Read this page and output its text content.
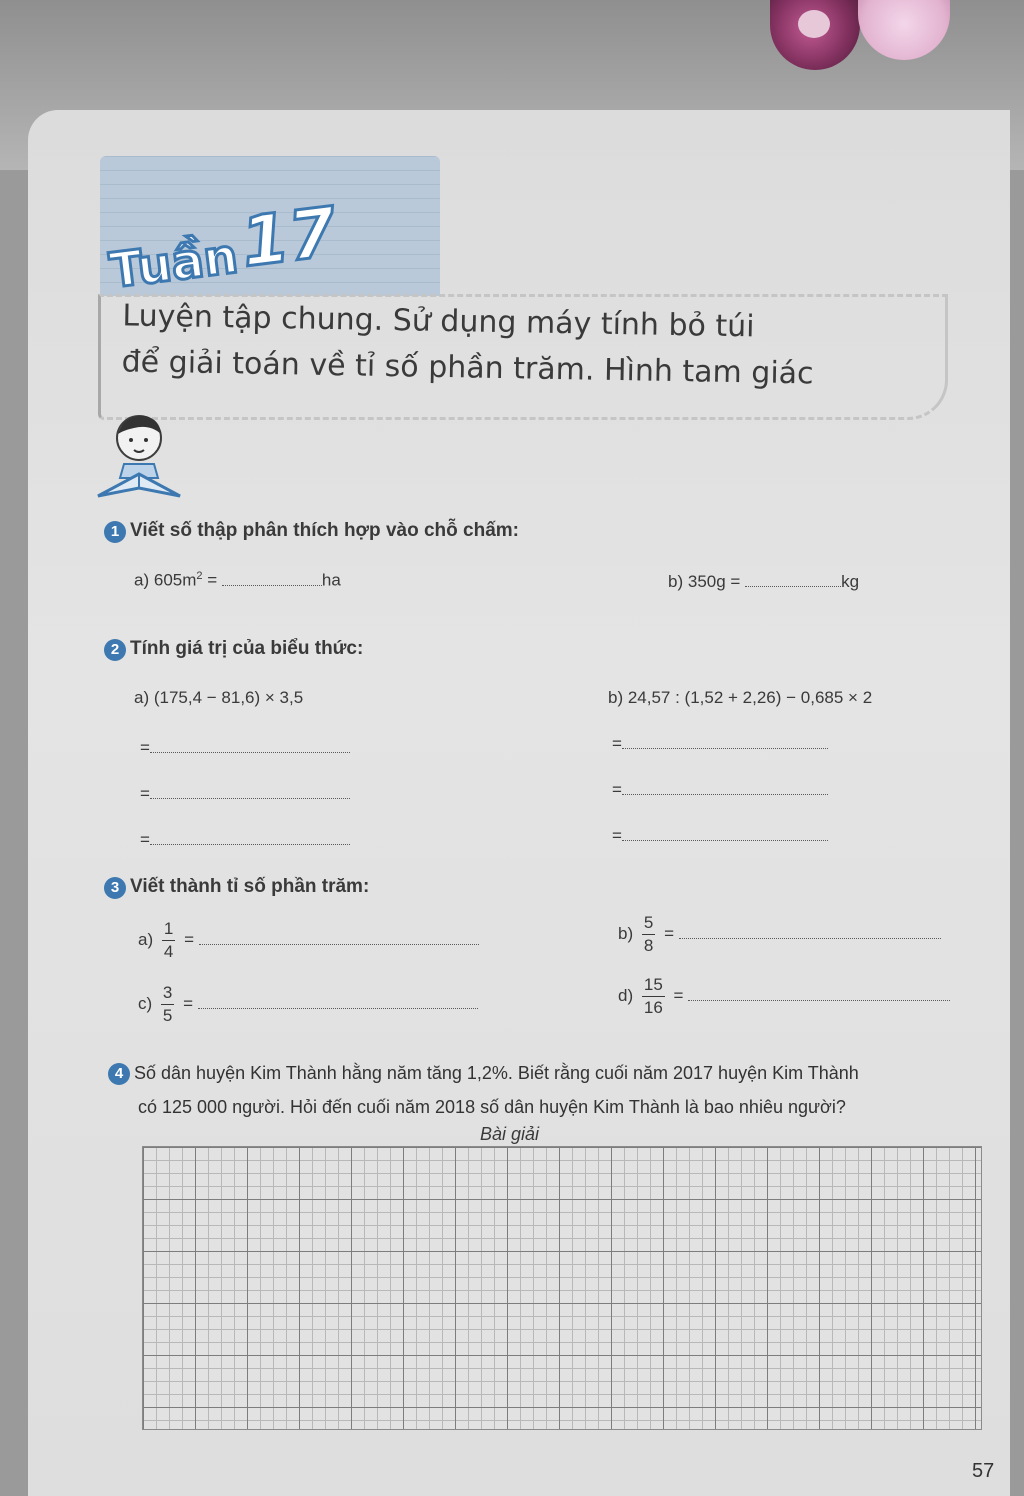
Tuần17
Luyện tập chung. Sử dụng máy tính bỏ túi
để giải toán về tỉ số phần trăm. Hình tam giác
1 Viết số thập phân thích hợp vào chỗ chấm:
a) $605m^2$ =	ha	b) 350g =	kg
2 Tính giá trị của biểu thức:
a) (175,4 − 81,6) × 3,5	b) 24,57 : (1,52 + 2,26) − 0,685 × 2
=
=
=
=
=
=
3 Viết thành tỉ số phần trăm:
$a) \frac{1}{4}$ =	$b) \frac{5}{8}$ =
$c) \frac{3}{5}$ =	$d) \frac{15}{16}$ =
4 Số dân huyện Kim Thành hằng năm tăng 1,2%. Biết rằng cuối năm 2017 huyện Kim Thành
có 125 000 người. Hỏi đến cuối năm 2018 số dân huyện Kim Thành là bao nhiêu người?
Bài giải
57
